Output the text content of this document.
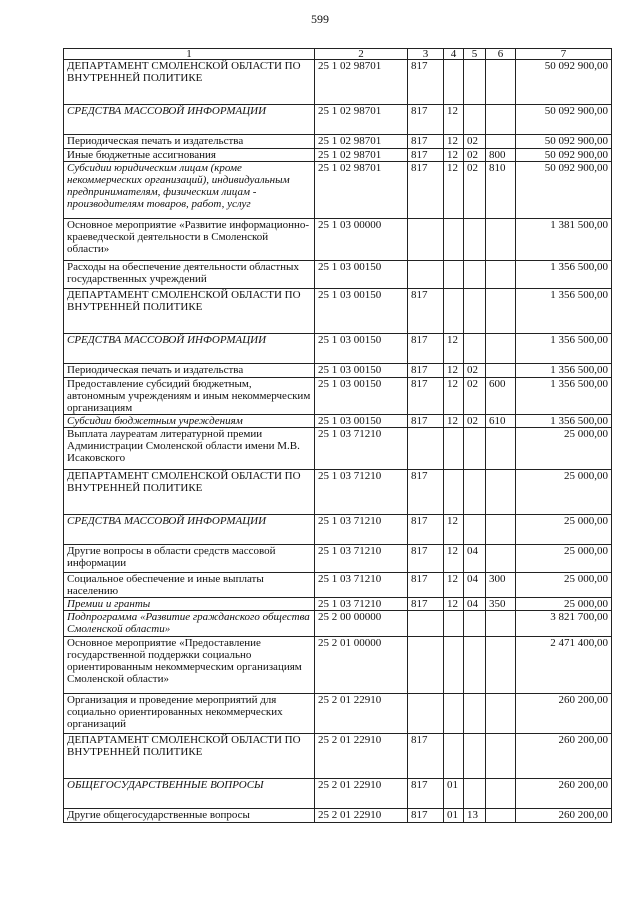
599
1	2	3	4	5	6	7
ДЕПАРТАМЕНТ СМОЛЕНСКОЙ ОБЛАСТИ ПО ВНУТРЕННЕЙ ПОЛИТИКЕ	25 1 02 98701	817				50 092 900,00
СРЕДСТВА МАССОВОЙ ИНФОРМАЦИИ	25 1 02 98701	817	12			50 092 900,00
Периодическая печать и издательства	25 1 02 98701	817	12	02		50 092 900,00
Иные бюджетные ассигнования	25 1 02 98701	817	12	02	800	50 092 900,00
Субсидии юридическим лицам (кроме некоммерческих организаций), индивидуальным предпринимателям, физическим лицам - производителям товаров, работ, услуг	25 1 02 98701	817	12	02	810	50 092 900,00
Основное мероприятие «Развитие информационно-краеведческой деятельности в Смоленской области»	25 1 03 00000					1 381 500,00
Расходы на обеспечение деятельности областных государственных учреждений	25 1 03 00150					1 356 500,00
ДЕПАРТАМЕНТ СМОЛЕНСКОЙ ОБЛАСТИ ПО ВНУТРЕННЕЙ ПОЛИТИКЕ	25 1 03 00150	817				1 356 500,00
СРЕДСТВА МАССОВОЙ ИНФОРМАЦИИ	25 1 03 00150	817	12			1 356 500,00
Периодическая печать и издательства	25 1 03 00150	817	12	02		1 356 500,00
Предоставление субсидий бюджетным, автономным учреждениям и иным некоммерческим организациям	25 1 03 00150	817	12	02	600	1 356 500,00
Субсидии бюджетным учреждениям	25 1 03 00150	817	12	02	610	1 356 500,00
Выплата лауреатам литературной премии Администрации Смоленской области имени М.В. Исаковского	25 1 03 71210					25 000,00
ДЕПАРТАМЕНТ СМОЛЕНСКОЙ ОБЛАСТИ ПО ВНУТРЕННЕЙ ПОЛИТИКЕ	25 1 03 71210	817				25 000,00
СРЕДСТВА МАССОВОЙ ИНФОРМАЦИИ	25 1 03 71210	817	12			25 000,00
Другие вопросы в области средств массовой информации	25 1 03 71210	817	12	04		25 000,00
Социальное обеспечение и иные выплаты населению	25 1 03 71210	817	12	04	300	25 000,00
Премии и гранты	25 1 03 71210	817	12	04	350	25 000,00
Подпрограмма «Развитие гражданского общества Смоленской области»	25 2 00 00000					3 821 700,00
Основное мероприятие «Предоставление государственной поддержки социально ориентированным некоммерческим организациям Смоленской области»	25 2 01 00000					2 471 400,00
Организация и проведение мероприятий для социально ориентированных некоммерческих организаций	25 2 01 22910					260 200,00
ДЕПАРТАМЕНТ СМОЛЕНСКОЙ ОБЛАСТИ ПО ВНУТРЕННЕЙ ПОЛИТИКЕ	25 2 01 22910	817				260 200,00
ОБЩЕГОСУДАРСТВЕННЫЕ ВОПРОСЫ	25 2 01 22910	817	01			260 200,00
Другие общегосударственные вопросы	25 2 01 22910	817	01	13		260 200,00
